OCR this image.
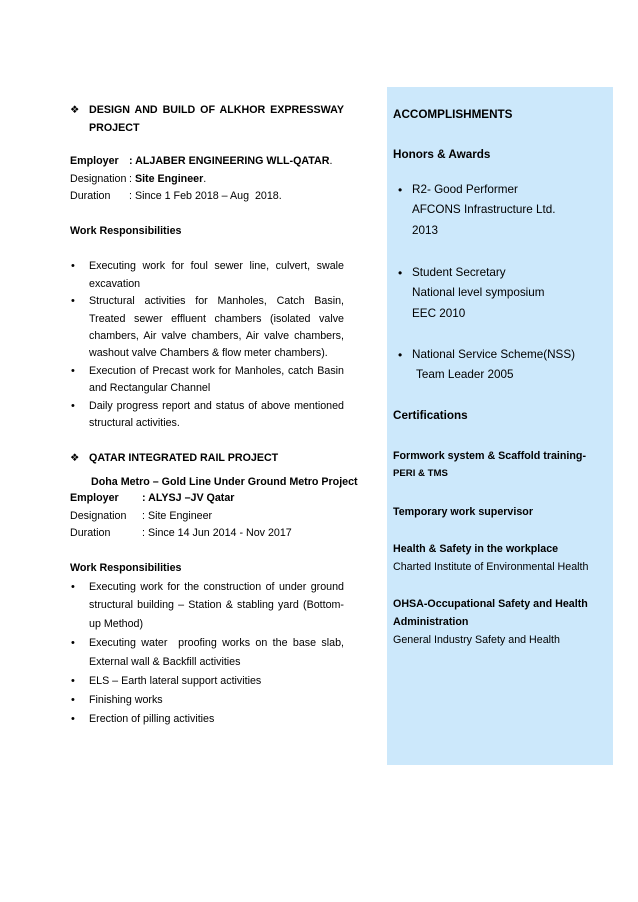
❖
DESIGN AND BUILD OF ALKHOR EXPRESSWAY PROJECT
Employer : ALJABER ENGINEERING WLL-QATAR.
Designation : Site Engineer.
Duration : Since 1 Feb 2018 – Aug  2018.
Work Responsibilities
•
Executing work for foul sewer line, culvert, swale excavation
•
Structural activities for Manholes, Catch Basin, Treated sewer effluent chambers (isolated valve chambers, Air valve chambers, Air valve chambers, washout valve Chambers & flow meter chambers).
•
Execution of Precast work for Manholes, catch Basin and Rectangular Channel
•
Daily progress report and status of above mentioned structural activities.
❖
QATAR INTEGRATED RAIL PROJECT
Doha Metro – Gold Line Under Ground Metro Project
Employer : ALYSJ –JV Qatar
Designation : Site Engineer
Duration	: Since 14 Jun 2014 - Nov 2017
Work Responsibilities
•
Executing work for the construction of under ground structural building – Station & stabling yard (Bottom-up Method)
•
Executing water  proofing works on the base slab, External wall & Backfill activities
•
ELS – Earth lateral support activities
•
Finishing works
•
Erection of pilling activities
ACCOMPLISHMENTS
Honors & Awards
•
R2- Good Performer
AFCONS Infrastructure Ltd.
2013
•
Student Secretary
National level symposium
EEC 2010
•
National Service Scheme(NSS)
Team Leader 2005
Certifications
Formwork system & Scaffold training-
PERI & TMS
Temporary work supervisor
Health & Safety in the workplace
Charted Institute of Environmental Health
OHSA-Occupational Safety and Health Administration
General Industry Safety and Health
